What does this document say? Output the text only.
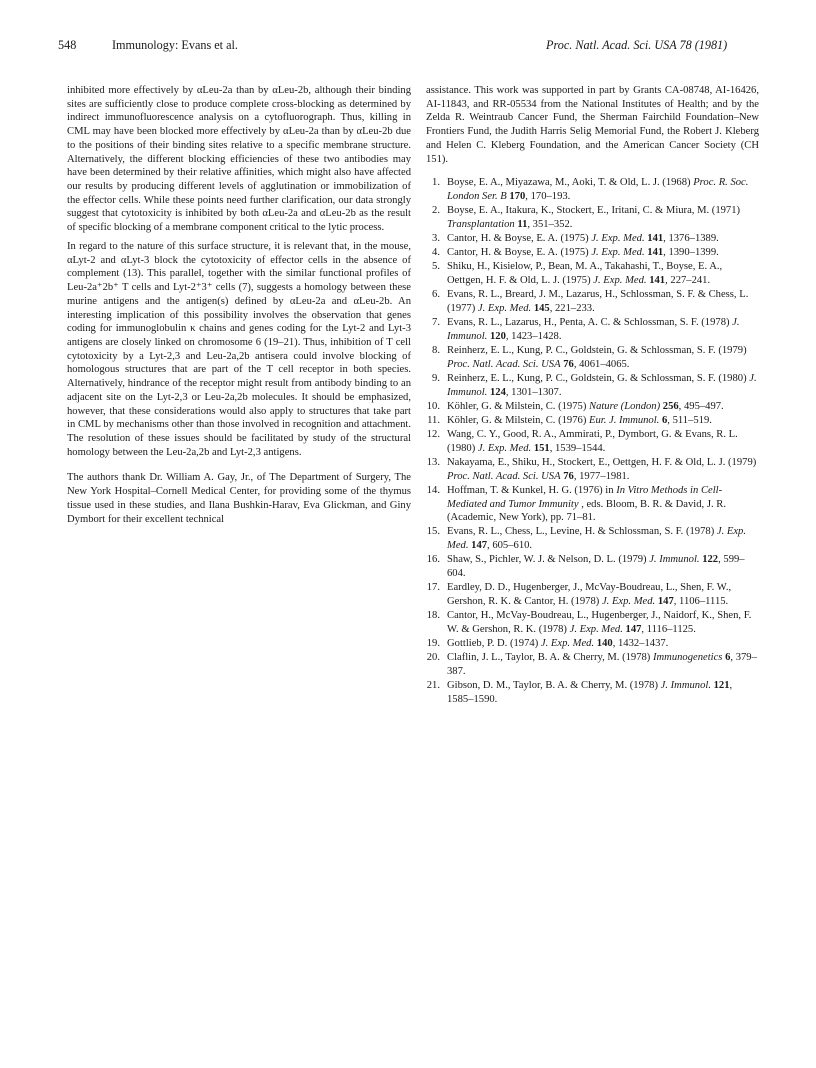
548	Immunology: Evans et al.	Proc. Natl. Acad. Sci. USA 78 (1981)

inhibited more effectively by αLeu-2a than by αLeu-2b, although their binding sites are sufficiently close to produce complete cross-blocking as determined by indirect immunofluorescence analysis on a cytofluorograph. Thus, killing in CML may have been blocked more effectively by αLeu-2a than by αLeu-2b due to the positions of their binding sites relative to a specific membrane structure. Alternatively, the different blocking efficiencies of these two antibodies may have been determined by their relative affinities, which might also have affected our results by producing different levels of agglutination or immobilization of the effector cells. While these points need further clarification, our data strongly suggest that cytotoxicity is inhibited by both αLeu-2a and αLeu-2b as the result of specific blocking of a membrane component critical to the lytic process.

In regard to the nature of this surface structure, it is relevant that, in the mouse, αLyt-2 and αLyt-3 block the cytotoxicity of effector cells in the absence of complement (13). This parallel, together with the similar functional profiles of Leu-2a⁺2b⁺ T cells and Lyt-2⁺3⁺ cells (7), suggests a homology between these murine antigens and the antigen(s) defined by αLeu-2a and αLeu-2b. An interesting implication of this possibility involves the observation that genes coding for immunoglobulin κ chains and genes coding for the Lyt-2 and Lyt-3 antigens are closely linked on chromosome 6 (19–21). Thus, inhibition of T cell cytotoxicity by a Lyt-2,3 and Leu-2a,2b antisera could involve blocking of homologous structures that are part of the T cell receptor in both species. Alternatively, hindrance of the receptor might result from antibody binding to an adjacent site on the Lyt-2,3 or Leu-2a,2b molecules. It should be emphasized, however, that these considerations would also apply to structures that take part in CML by mechanisms other than those involved in recognition and attachment. The resolution of these issues should be facilitated by study of the structural homology between the Leu-2a,2b and Lyt-2,3 antigens.

The authors thank Dr. William A. Gay, Jr., of The Department of Surgery, The New York Hospital–Cornell Medical Center, for providing some of the thymus tissue used in these studies, and Ilana Bushkin-Harav, Eva Glickman, and Giny Dymbort for their excellent technical

assistance. This work was supported in part by Grants CA-08748, AI-16426, AI-11843, and RR-05534 from the National Institutes of Health; and by the Zelda R. Weintraub Cancer Fund, the Sherman Fairchild Foundation–New Frontiers Fund, the Judith Harris Selig Memorial Fund, the Robert J. Kleberg and Helen C. Kleberg Foundation, and the American Cancer Society (CH 151).

1. Boyse, E. A., Miyazawa, M., Aoki, T. & Old, L. J. (1968) Proc. R. Soc. London Ser. B 170, 170–193.
2. Boyse, E. A., Itakura, K., Stockert, E., Iritani, C. & Miura, M. (1971) Transplantation 11, 351–352.
3. Cantor, H. & Boyse, E. A. (1975) J. Exp. Med. 141, 1376–1389.
4. Cantor, H. & Boyse, E. A. (1975) J. Exp. Med. 141, 1390–1399.
5. Shiku, H., Kisielow, P., Bean, M. A., Takahashi, T., Boyse, E. A., Oettgen, H. F. & Old, L. J. (1975) J. Exp. Med. 141, 227–241.
6. Evans, R. L., Breard, J. M., Lazarus, H., Schlossman, S. F. & Chess, L. (1977) J. Exp. Med. 145, 221–233.
7. Evans, R. L., Lazarus, H., Penta, A. C. & Schlossman, S. F. (1978) J. Immunol. 120, 1423–1428.
8. Reinherz, E. L., Kung, P. C., Goldstein, G. & Schlossman, S. F. (1979) Proc. Natl. Acad. Sci. USA 76, 4061–4065.
9. Reinherz, E. L., Kung, P. C., Goldstein, G. & Schlossman, S. F. (1980) J. Immunol. 124, 1301–1307.
10. Köhler, G. & Milstein, C. (1975) Nature (London) 256, 495–497.
11. Köhler, G. & Milstein, C. (1976) Eur. J. Immunol. 6, 511–519.
12. Wang, C. Y., Good, R. A., Ammirati, P., Dymbort, G. & Evans, R. L. (1980) J. Exp. Med. 151, 1539–1544.
13. Nakayama, E., Shiku, H., Stockert, E., Oettgen, H. F. & Old, L. J. (1979) Proc. Natl. Acad. Sci. USA 76, 1977–1981.
14. Hoffman, T. & Kunkel, H. G. (1976) in In Vitro Methods in Cell-Mediated and Tumor Immunity , eds. Bloom, B. R. & David, J. R. (Academic, New York), pp. 71–81.
15. Evans, R. L., Chess, L., Levine, H. & Schlossman, S. F. (1978) J. Exp. Med. 147, 605–610.
16. Shaw, S., Pichler, W. J. & Nelson, D. L. (1979) J. Immunol. 122, 599–604.
17. Eardley, D. D., Hugenberger, J., McVay-Boudreau, L., Shen, F. W., Gershon, R. K. & Cantor, H. (1978) J. Exp. Med. 147, 1106–1115.
18. Cantor, H., McVay-Boudreau, L., Hugenberger, J., Naidorf, K., Shen, F. W. & Gershon, R. K. (1978) J. Exp. Med. 147, 1116–1125.
19. Gottlieb, P. D. (1974) J. Exp. Med. 140, 1432–1437.
20. Claflin, J. L., Taylor, B. A. & Cherry, M. (1978) Immunogenetics 6, 379–387.
21. Gibson, D. M., Taylor, B. A. & Cherry, M. (1978) J. Immunol. 121, 1585–1590.
